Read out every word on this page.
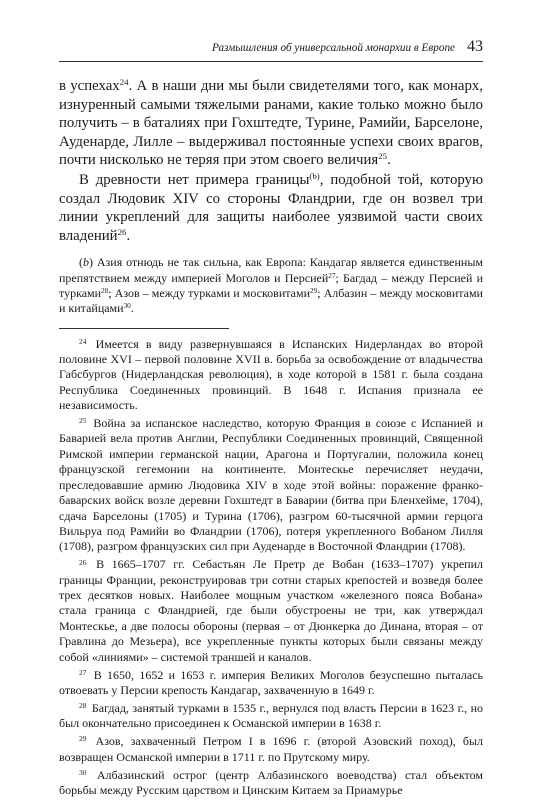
Размышления об универсальной монархии в Европе 43

в успехах$^{24}$. А в наши дни мы были свидетелями того, как монарх, изнуренный самыми тяжелыми ранами, какие только можно было получить – в баталиях при Гохштедте, Турине, Рамийи, Барселоне, Ауденарде, Лилле – выдерживал постоянные успехи своих врагов, почти нисколько не теряя при этом своего величия$^{25}$.

В древности нет примера границы$^{(b)}$, подобной той, которую создал Людовик XIV со стороны Фландрии, где он возвел три линии укреплений для защиты наиболее уязвимой части своих владений$^{26}$.

(b) Азия отнюдь не так сильна, как Европа: Кандагар является единственным препятствием между империей Моголов и Персией$^{27}$; Багдад – между Персией и турками$^{28}$; Азов – между турками и московитами$^{29}$; Албазин – между московитами и китайцами$^{30}$.

$^{24}$ Имеется в виду развернувшаяся в Испанских Нидерландах во второй половине XVI – первой половине XVII в. борьба за освобождение от владычества Габсбургов (Нидерландская революция), в ходе которой в 1581 г. была создана Республика Соединенных провинций. В 1648 г. Испания признала ее независимость.

$^{25}$ Война за испанское наследство, которую Франция в союзе с Испанией и Баварией вела против Англии, Республики Соединенных провинций, Священной Римской империи германской нации, Арагона и Португалии, положила конец французской гегемонии на континенте. Монтескье перечисляет неудачи, преследовавшие армию Людовика XIV в ходе этой войны: поражение франко-баварских войск возле деревни Гохштедт в Баварии (битва при Бленхейме, 1704), сдача Барселоны (1705) и Турина (1706), разгром 60-тысячной армии герцога Вильруа под Рамийи во Фландрии (1706), потеря укрепленного Вобаном Лилля (1708), разгром французских сил при Ауденарде в Восточной Фландрии (1708).

$^{26}$ В 1665–1707 гг. Себастьян Ле Претр де Вобан (1633–1707) укрепил границы Франции, реконструировав три сотни старых крепостей и возведя более трех десятков новых. Наиболее мощным участком «железного пояса Вобана» стала граница с Фландрией, где были обустроены не три, как утверждал Монтескье, а две полосы обороны (первая – от Дюнкерка до Динана, вторая – от Гравлина до Мезьера), все укрепленные пункты которых были связаны между собой «линиями» – системой траншей и каналов.

$^{27}$ В 1650, 1652 и 1653 г. империя Великих Моголов безуспешно пыталась отвоевать у Персии крепость Кандагар, захваченную в 1649 г.

$^{28}$ Багдад, занятый турками в 1535 г., вернулся под власть Персии в 1623 г., но был окончательно присоединен к Османской империи в 1638 г.

$^{29}$ Азов, захваченный Петром I в 1696 г. (второй Азовский поход), был возвращен Османской империи в 1711 г. по Прутскому миру.

$^{30}$ Албазинский острог (центр Албазинского воеводства) стал объектом борьбы между Русским царством и Цинским Китаем за Приамурье
